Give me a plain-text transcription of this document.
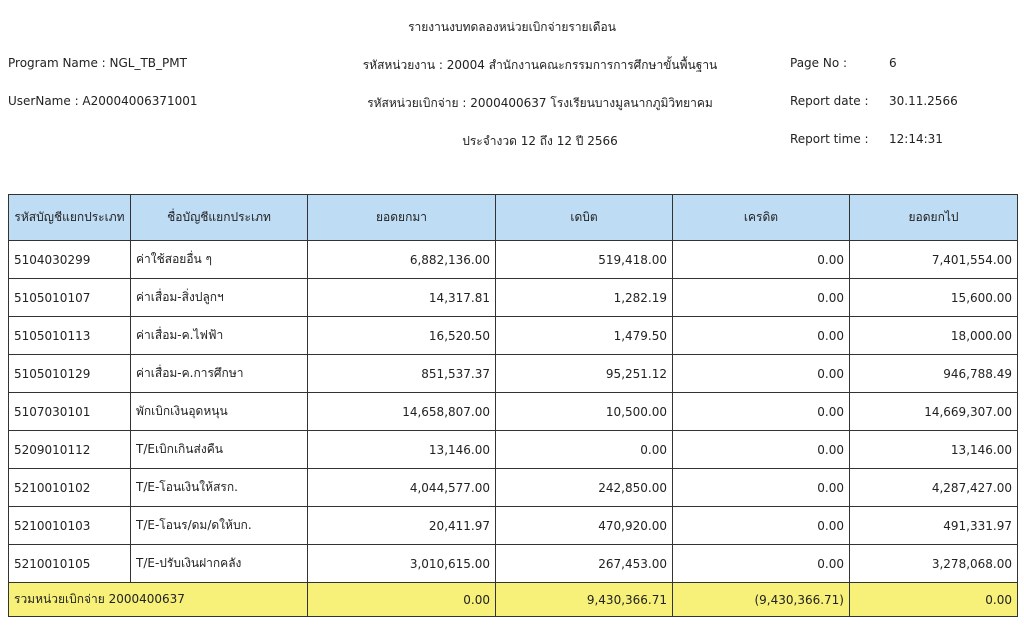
รายงานงบทดลองหน่วยเบิกจ่ายรายเดือน
Program Name : NGL_TB_PMT
UserName : A20004006371001
รหัสหน่วยงาน : 20004 สำนักงานคณะกรรมการการศึกษาขั้นพื้นฐาน
รหัสหน่วยเบิกจ่าย : 2000400637 โรงเรียนบางมูลนากภูมิวิทยาคม
ประจำงวด 12 ถึง 12 ปี 2566
Page No :	6
Report date : 30.11.2566
Report time : 12:14:31
รหัสบัญชีแยกประเภท	ชื่อบัญชีแยกประเภท	ยอดยกมา	เดบิต	เครดิต	ยอดยกไป
5104030299	ค่าใช้สอยอื่น ๆ	6,882,136.00	519,418.00	0.00	7,401,554.00
5105010107	ค่าเสื่อม-สิ่งปลูกฯ	14,317.81	1,282.19	0.00	15,600.00
5105010113	ค่าเสื่อม-ค.ไฟฟ้า	16,520.50	1,479.50	0.00	18,000.00
5105010129	ค่าเสื่อม-ค.การศึกษา	851,537.37	95,251.12	0.00	946,788.49
5107030101	พักเบิกเงินอุดหนุน	14,658,807.00	10,500.00	0.00	14,669,307.00
5209010112	T/Eเบิกเกินส่งคืน	13,146.00	0.00	0.00	13,146.00
5210010102	T/E-โอนเงินให้สรก.	4,044,577.00	242,850.00	0.00	4,287,427.00
5210010103	T/E-โอนร/ดม/ดให้บก.	20,411.97	470,920.00	0.00	491,331.97
5210010105	T/E-ปรับเงินฝากคลัง	3,010,615.00	267,453.00	0.00	3,278,068.00
รวมหน่วยเบิกจ่าย 2000400637		0.00	9,430,366.71	(9,430,366.71)	0.00
